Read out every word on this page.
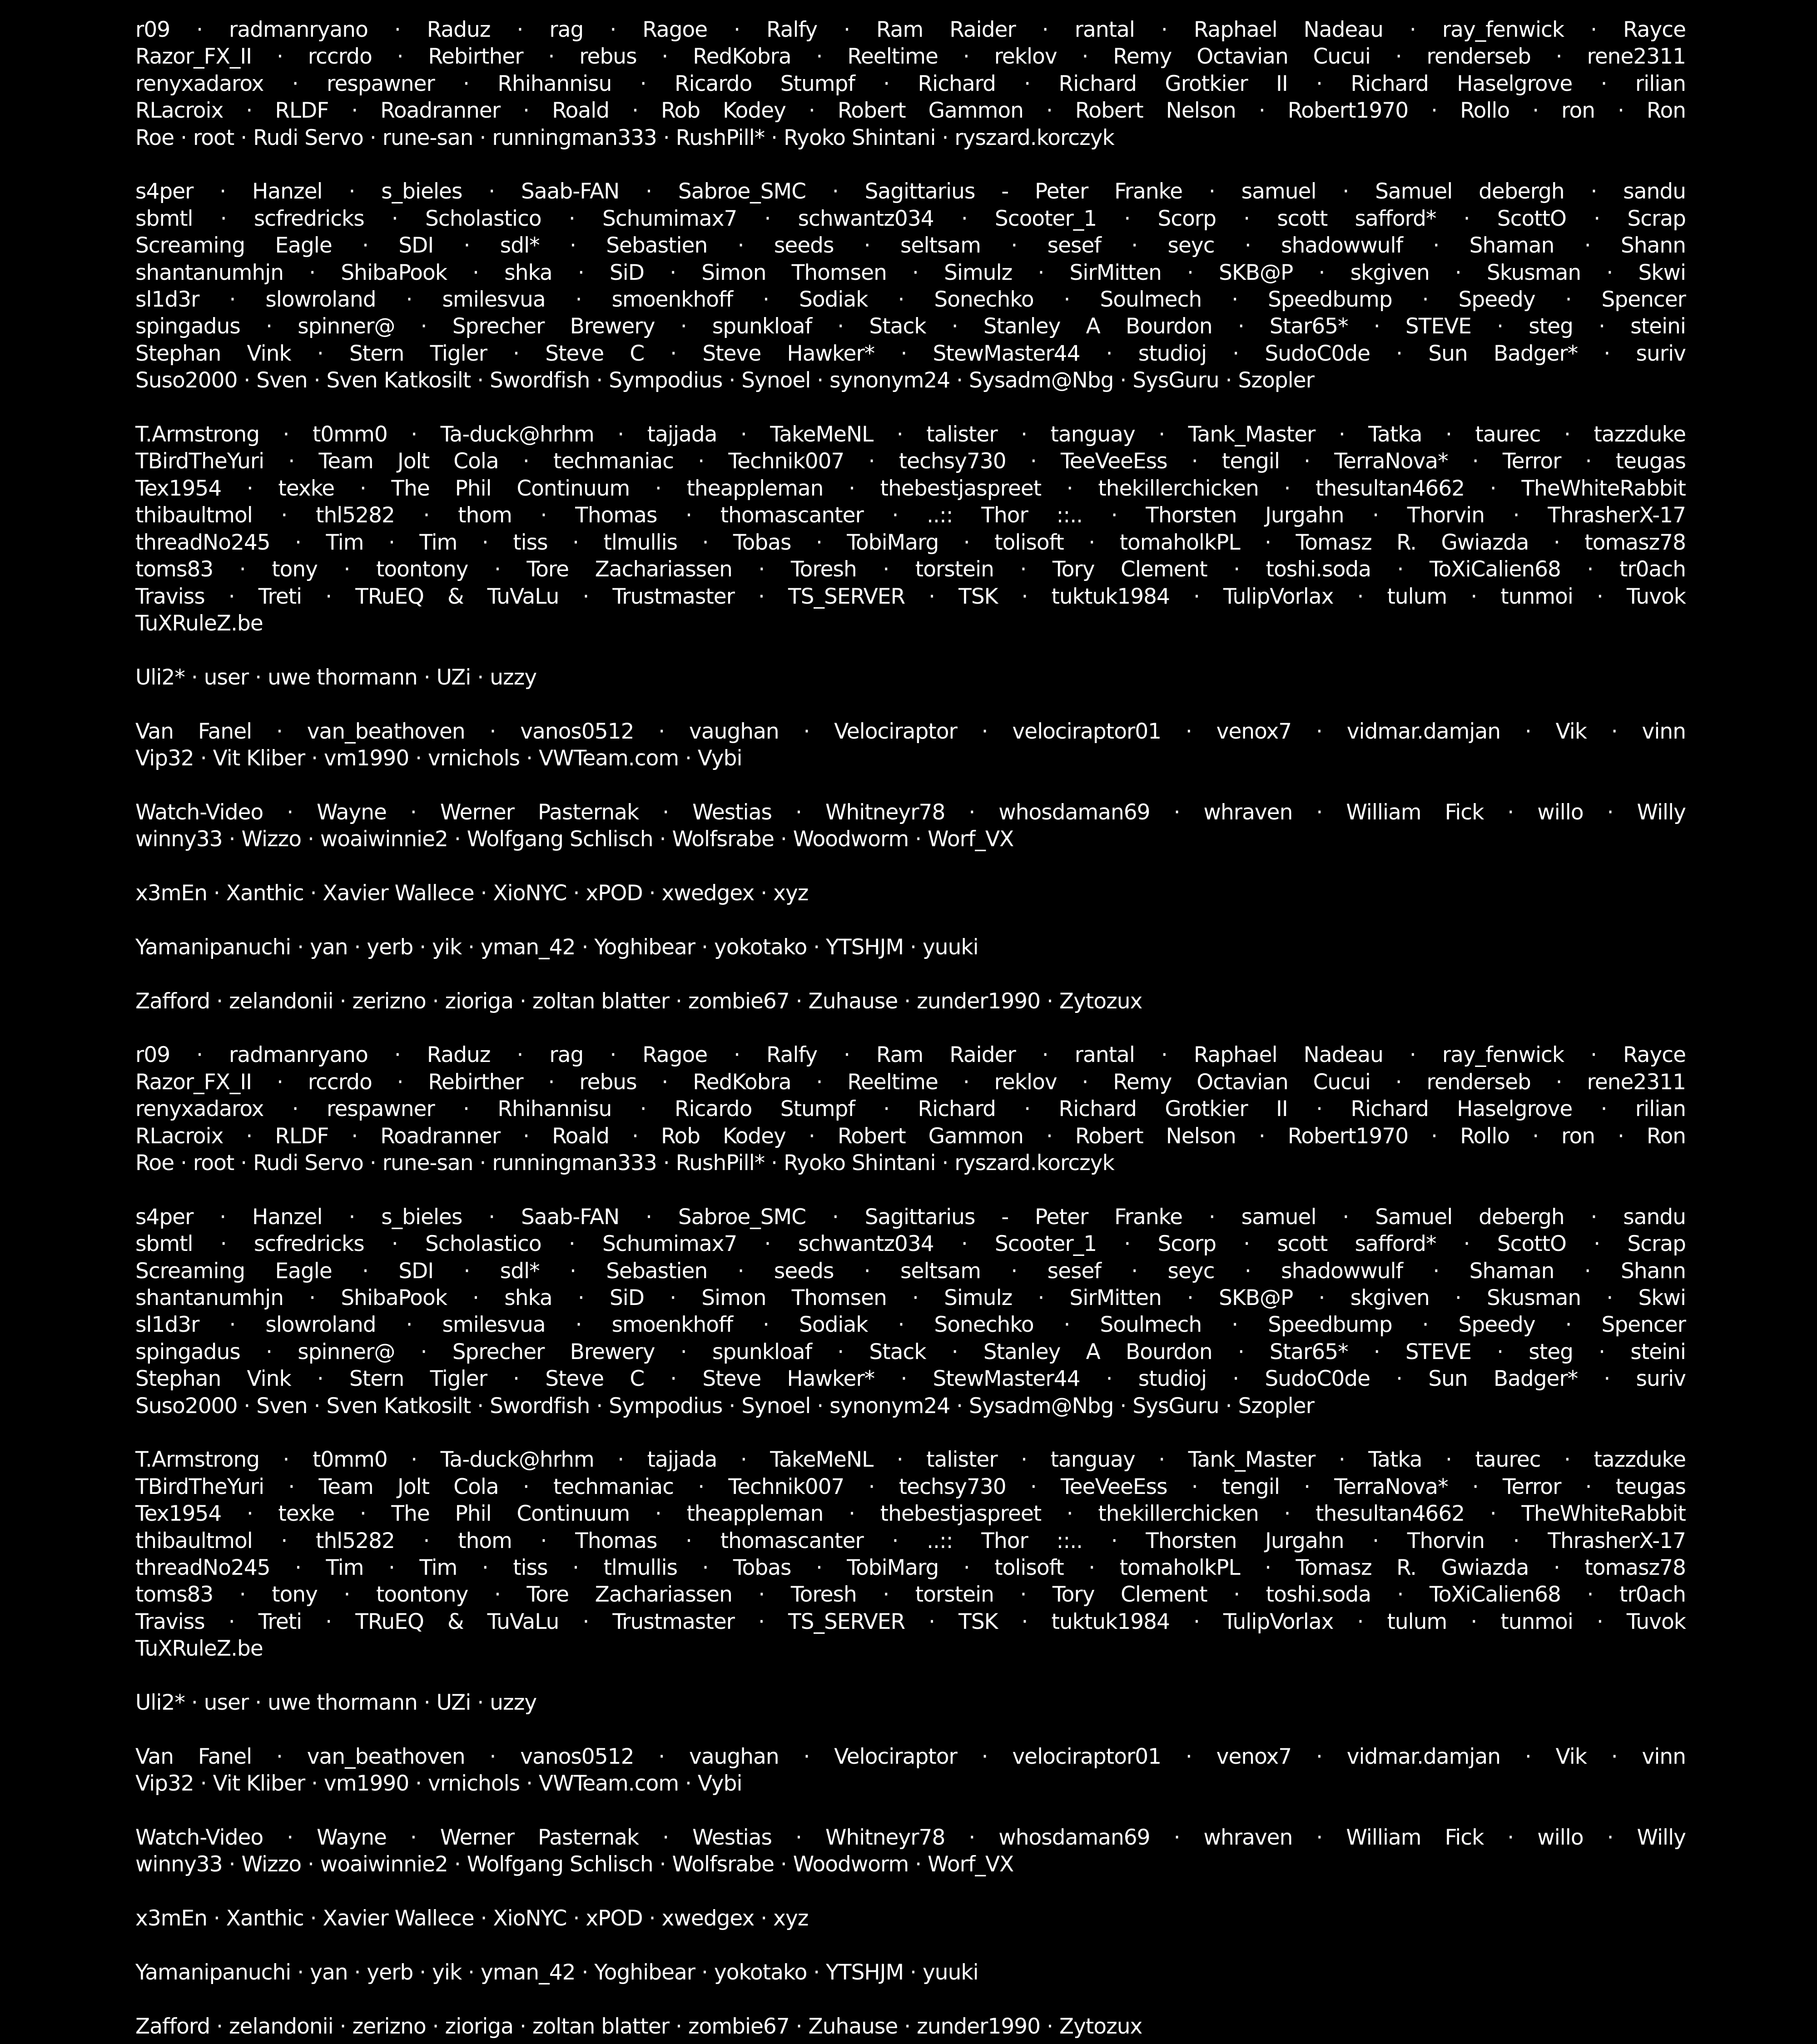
r09 · radmanryano · Raduz · rag · Ragoe · Ralfy · Ram Raider · rantal · Raphael Nadeau · ray_fenwick · Rayce
Razor_FX_II · rccrdo · Rebirther · rebus · RedKobra · Reeltime · reklov · Remy Octavian Cucui · renderseb · rene2311
renyxadarox · respawner · Rhihannisu · Ricardo Stumpf · Richard · Richard Grotkier II · Richard Haselgrove · rilian
RLacroix · RLDF · Roadranner · Roald · Rob Kodey · Robert Gammon · Robert Nelson · Robert1970 · Rollo · ron · Ron
Roe · root · Rudi Servo · rune-san · runningman333 · RushPill* · Ryoko Shintani · ryszard.korczyk
s4per · Hanzel · s_bieles · Saab-FAN · Sabroe_SMC · Sagittarius - Peter Franke · samuel · Samuel debergh · sandu
sbmtl · scfredricks · Scholastico · Schumimax7 · schwantz034 · Scooter_1 · Scorp · scott safford* · ScottO · Scrap
Screaming Eagle · SDI · sdl* · Sebastien · seeds · seltsam · sesef · seyc · shadowwulf · Shaman · Shann
shantanumhjn · ShibaPook · shka · SiD · Simon Thomsen · Simulz · SirMitten · SKB@P · skgiven · Skusman · Skwi
sl1d3r · slowroland · smilesvua · smoenkhoff · Sodiak · Sonechko · Soulmech · Speedbump · Speedy · Spencer
spingadus · spinner@ · Sprecher Brewery · spunkloaf · Stack · Stanley A Bourdon · Star65* · STEVE · steg · steini
Stephan Vink · Stern Tigler · Steve C · Steve Hawker* · StewMaster44 · studioj · SudoC0de · Sun Badger* · suriv
Suso2000 · Sven · Sven Katkosilt · Swordfish · Sympodius · Synoel · synonym24 · Sysadm@Nbg · SysGuru · Szopler
T.Armstrong · t0mm0 · Ta-duck@hrhm · tajjada · TakeMeNL · talister · tanguay · Tank_Master · Tatka · taurec · tazzduke
TBirdTheYuri · Team Jolt Cola · techmaniac · Technik007 · techsy730 · TeeVeeEss · tengil · TerraNova* · Terror · teugas
Tex1954 · texke · The Phil Continuum · theappleman · thebestjaspreet · thekillerchicken · thesultan4662 · TheWhiteRabbit
thibaultmol · thl5282 · thom · Thomas · thomascanter · ..:: Thor ::.. · Thorsten Jurgahn · Thorvin · ThrasherX-17
threadNo245 · Tim · Tim · tiss · tlmullis · Tobas · TobiMarg · tolisoft · tomaholkPL · Tomasz R. Gwiazda · tomasz78
toms83 · tony · toontony · Tore Zachariassen · Toresh · torstein · Tory Clement · toshi.soda · ToXiCalien68 · tr0ach
Traviss · Treti · TRuEQ & TuVaLu · Trustmaster · TS_SERVER · TSK · tuktuk1984 · TulipVorlax · tulum · tunmoi · Tuvok
TuXRuleZ.be
Uli2* · user · uwe thormann · UZi · uzzy
Van Fanel · van_beathoven · vanos0512 · vaughan · Velociraptor · velociraptor01 · venox7 · vidmar.damjan · Vik · vinn
Vip32 · Vit Kliber · vm1990 · vrnichols · VWTeam.com · Vybi
Watch-Video · Wayne · Werner Pasternak · Westias · Whitneyr78 · whosdaman69 · whraven · William Fick · willo · Willy
winny33 · Wizzo · woaiwinnie2 · Wolfgang Schlisch · Wolfsrabe · Woodworm · Worf_VX
x3mEn · Xanthic · Xavier Wallece · XioNYC · xPOD · xwedgex · xyz
Yamanipanuchi · yan · yerb · yik · yman_42 · Yoghibear · yokotako · YTSHJM · yuuki
Zafford · zelandonii · zerizno · zioriga · zoltan blatter · zombie67 · Zuhause · zunder1990 · Zytozux
r09 · radmanryano · Raduz · rag · Ragoe · Ralfy · Ram Raider · rantal · Raphael Nadeau · ray_fenwick · Rayce
Razor_FX_II · rccrdo · Rebirther · rebus · RedKobra · Reeltime · reklov · Remy Octavian Cucui · renderseb · rene2311
renyxadarox · respawner · Rhihannisu · Ricardo Stumpf · Richard · Richard Grotkier II · Richard Haselgrove · rilian
RLacroix · RLDF · Roadranner · Roald · Rob Kodey · Robert Gammon · Robert Nelson · Robert1970 · Rollo · ron · Ron
Roe · root · Rudi Servo · rune-san · runningman333 · RushPill* · Ryoko Shintani · ryszard.korczyk
s4per · Hanzel · s_bieles · Saab-FAN · Sabroe_SMC · Sagittarius - Peter Franke · samuel · Samuel debergh · sandu
sbmtl · scfredricks · Scholastico · Schumimax7 · schwantz034 · Scooter_1 · Scorp · scott safford* · ScottO · Scrap
Screaming Eagle · SDI · sdl* · Sebastien · seeds · seltsam · sesef · seyc · shadowwulf · Shaman · Shann
shantanumhjn · ShibaPook · shka · SiD · Simon Thomsen · Simulz · SirMitten · SKB@P · skgiven · Skusman · Skwi
sl1d3r · slowroland · smilesvua · smoenkhoff · Sodiak · Sonechko · Soulmech · Speedbump · Speedy · Spencer
spingadus · spinner@ · Sprecher Brewery · spunkloaf · Stack · Stanley A Bourdon · Star65* · STEVE · steg · steini
Stephan Vink · Stern Tigler · Steve C · Steve Hawker* · StewMaster44 · studioj · SudoC0de · Sun Badger* · suriv
Suso2000 · Sven · Sven Katkosilt · Swordfish · Sympodius · Synoel · synonym24 · Sysadm@Nbg · SysGuru · Szopler
T.Armstrong · t0mm0 · Ta-duck@hrhm · tajjada · TakeMeNL · talister · tanguay · Tank_Master · Tatka · taurec · tazzduke
TBirdTheYuri · Team Jolt Cola · techmaniac · Technik007 · techsy730 · TeeVeeEss · tengil · TerraNova* · Terror · teugas
Tex1954 · texke · The Phil Continuum · theappleman · thebestjaspreet · thekillerchicken · thesultan4662 · TheWhiteRabbit
thibaultmol · thl5282 · thom · Thomas · thomascanter · ..:: Thor ::.. · Thorsten Jurgahn · Thorvin · ThrasherX-17
threadNo245 · Tim · Tim · tiss · tlmullis · Tobas · TobiMarg · tolisoft · tomaholkPL · Tomasz R. Gwiazda · tomasz78
toms83 · tony · toontony · Tore Zachariassen · Toresh · torstein · Tory Clement · toshi.soda · ToXiCalien68 · tr0ach
Traviss · Treti · TRuEQ & TuVaLu · Trustmaster · TS_SERVER · TSK · tuktuk1984 · TulipVorlax · tulum · tunmoi · Tuvok
TuXRuleZ.be
Uli2* · user · uwe thormann · UZi · uzzy
Van Fanel · van_beathoven · vanos0512 · vaughan · Velociraptor · velociraptor01 · venox7 · vidmar.damjan · Vik · vinn
Vip32 · Vit Kliber · vm1990 · vrnichols · VWTeam.com · Vybi
Watch-Video · Wayne · Werner Pasternak · Westias · Whitneyr78 · whosdaman69 · whraven · William Fick · willo · Willy
winny33 · Wizzo · woaiwinnie2 · Wolfgang Schlisch · Wolfsrabe · Woodworm · Worf_VX
x3mEn · Xanthic · Xavier Wallece · XioNYC · xPOD · xwedgex · xyz
Yamanipanuchi · yan · yerb · yik · yman_42 · Yoghibear · yokotako · YTSHJM · yuuki
Zafford · zelandonii · zerizno · zioriga · zoltan blatter · zombie67 · Zuhause · zunder1990 · Zytozux
